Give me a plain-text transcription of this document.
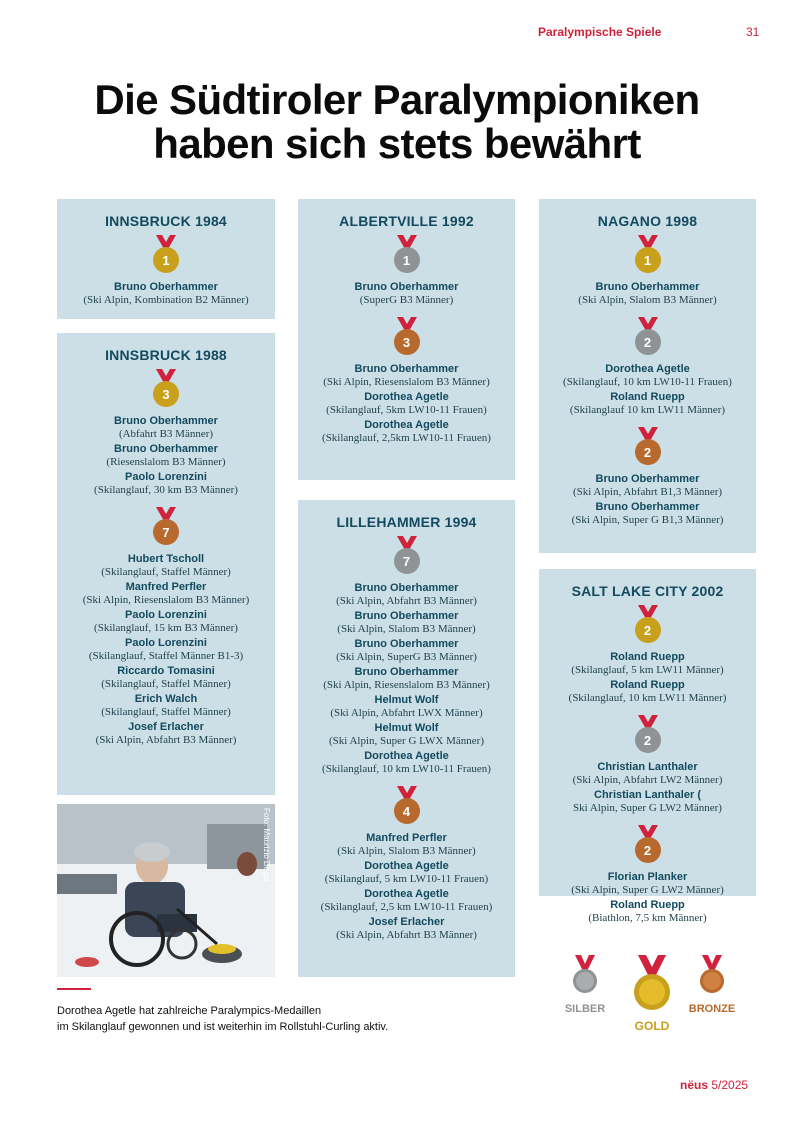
Paralympische Spiele	31
Die Südtiroler Paralympioniken
haben sich stets bewährt
INNSBRUCK 1984
1
Bruno Oberhammer
(Ski Alpin, Kombination B2 Männer)
INNSBRUCK 1988
3
Bruno Oberhammer
(Abfahrt B3 Männer)
Bruno Oberhammer
(Riesenslalom B3 Männer)
Paolo Lorenzini
(Skilanglauf, 30 km B3 Männer)
7
Hubert Tscholl
(Skilanglauf, Staffel Männer)
Manfred Perfler
(Ski Alpin, Riesenslalom B3 Männer)
Paolo Lorenzini
(Skilanglauf, 15 km B3 Männer)
Paolo Lorenzini
(Skilanglauf, Staffel Männer B1-3)
Riccardo Tomasini
(Skilanglauf, Staffel Männer)
Erich Walch
(Skilanglauf, Staffel Männer)
Josef Erlacher
(Ski Alpin, Abfahrt B3 Männer)
ALBERTVILLE 1992
1
Bruno Oberhammer
(SuperG B3 Männer)
3
Bruno Oberhammer
(Ski Alpin, Riesenslalom B3 Männer)
Dorothea Agetle
(Skilanglauf, 5km LW10-11 Frauen)
Dorothea Agetle
(Skilanglauf, 2,5km LW10-11 Frauen)
LILLEHAMMER 1994
7
Bruno Oberhammer
(Ski Alpin, Abfahrt B3 Männer)
Bruno Oberhammer
(Ski Alpin, Slalom B3 Männer)
Bruno Oberhammer
(Ski Alpin, SuperG B3 Männer)
Bruno Oberhammer
(Ski Alpin, Riesenslalom B3 Männer)
Helmut Wolf
(Ski Alpin, Abfahrt LWX Männer)
Helmut Wolf
(Ski Alpin, Super G LWX Männer)
Dorothea Agetle
(Skilanglauf, 10 km LW10-11 Frauen)
4
Manfred Perfler
(Ski Alpin, Slalom B3 Männer)
Dorothea Agetle
(Skilanglauf, 5 km LW10-11 Frauen)
Dorothea Agetle
(Skilanglauf, 2,5 km LW10-11 Frauen)
Josef Erlacher
(Ski Alpin, Abfahrt B3 Männer)
NAGANO 1998
1
Bruno Oberhammer
(Ski Alpin, Slalom B3 Männer)
2
Dorothea Agetle
(Skilanglauf, 10 km LW10-11 Frauen)
Roland Ruepp
(Skilanglauf 10 km LW11 Männer)
2
Bruno Oberhammer
(Ski Alpin, Abfahrt B1,3 Männer)
Bruno Oberhammer
(Ski Alpin, Super G B1,3 Männer)
SALT LAKE CITY 2002
2
Roland Ruepp
(Skilanglauf, 5 km LW11 Männer)
Roland Ruepp
(Skilanglauf, 10 km LW11 Männer)
2
Christian Lanthaler
(Ski Alpin, Abfahrt LW2 Männer)
Christian Lanthaler (
Ski Alpin, Super G LW2 Männer)
2
Florian Planker
(Ski Alpin, Super G LW2 Männer)
Roland Ruepp
(Biathlon, 7,5 km Männer)
Foto: Maurizio Degol
Dorothea Agetle hat zahlreiche Paralympics-Medaillen
im Skilanglauf gewonnen und ist weiterhin im Rollstuhl-Curling aktiv.
SILBER
GOLD
BRONZE
nëus 5/2025
